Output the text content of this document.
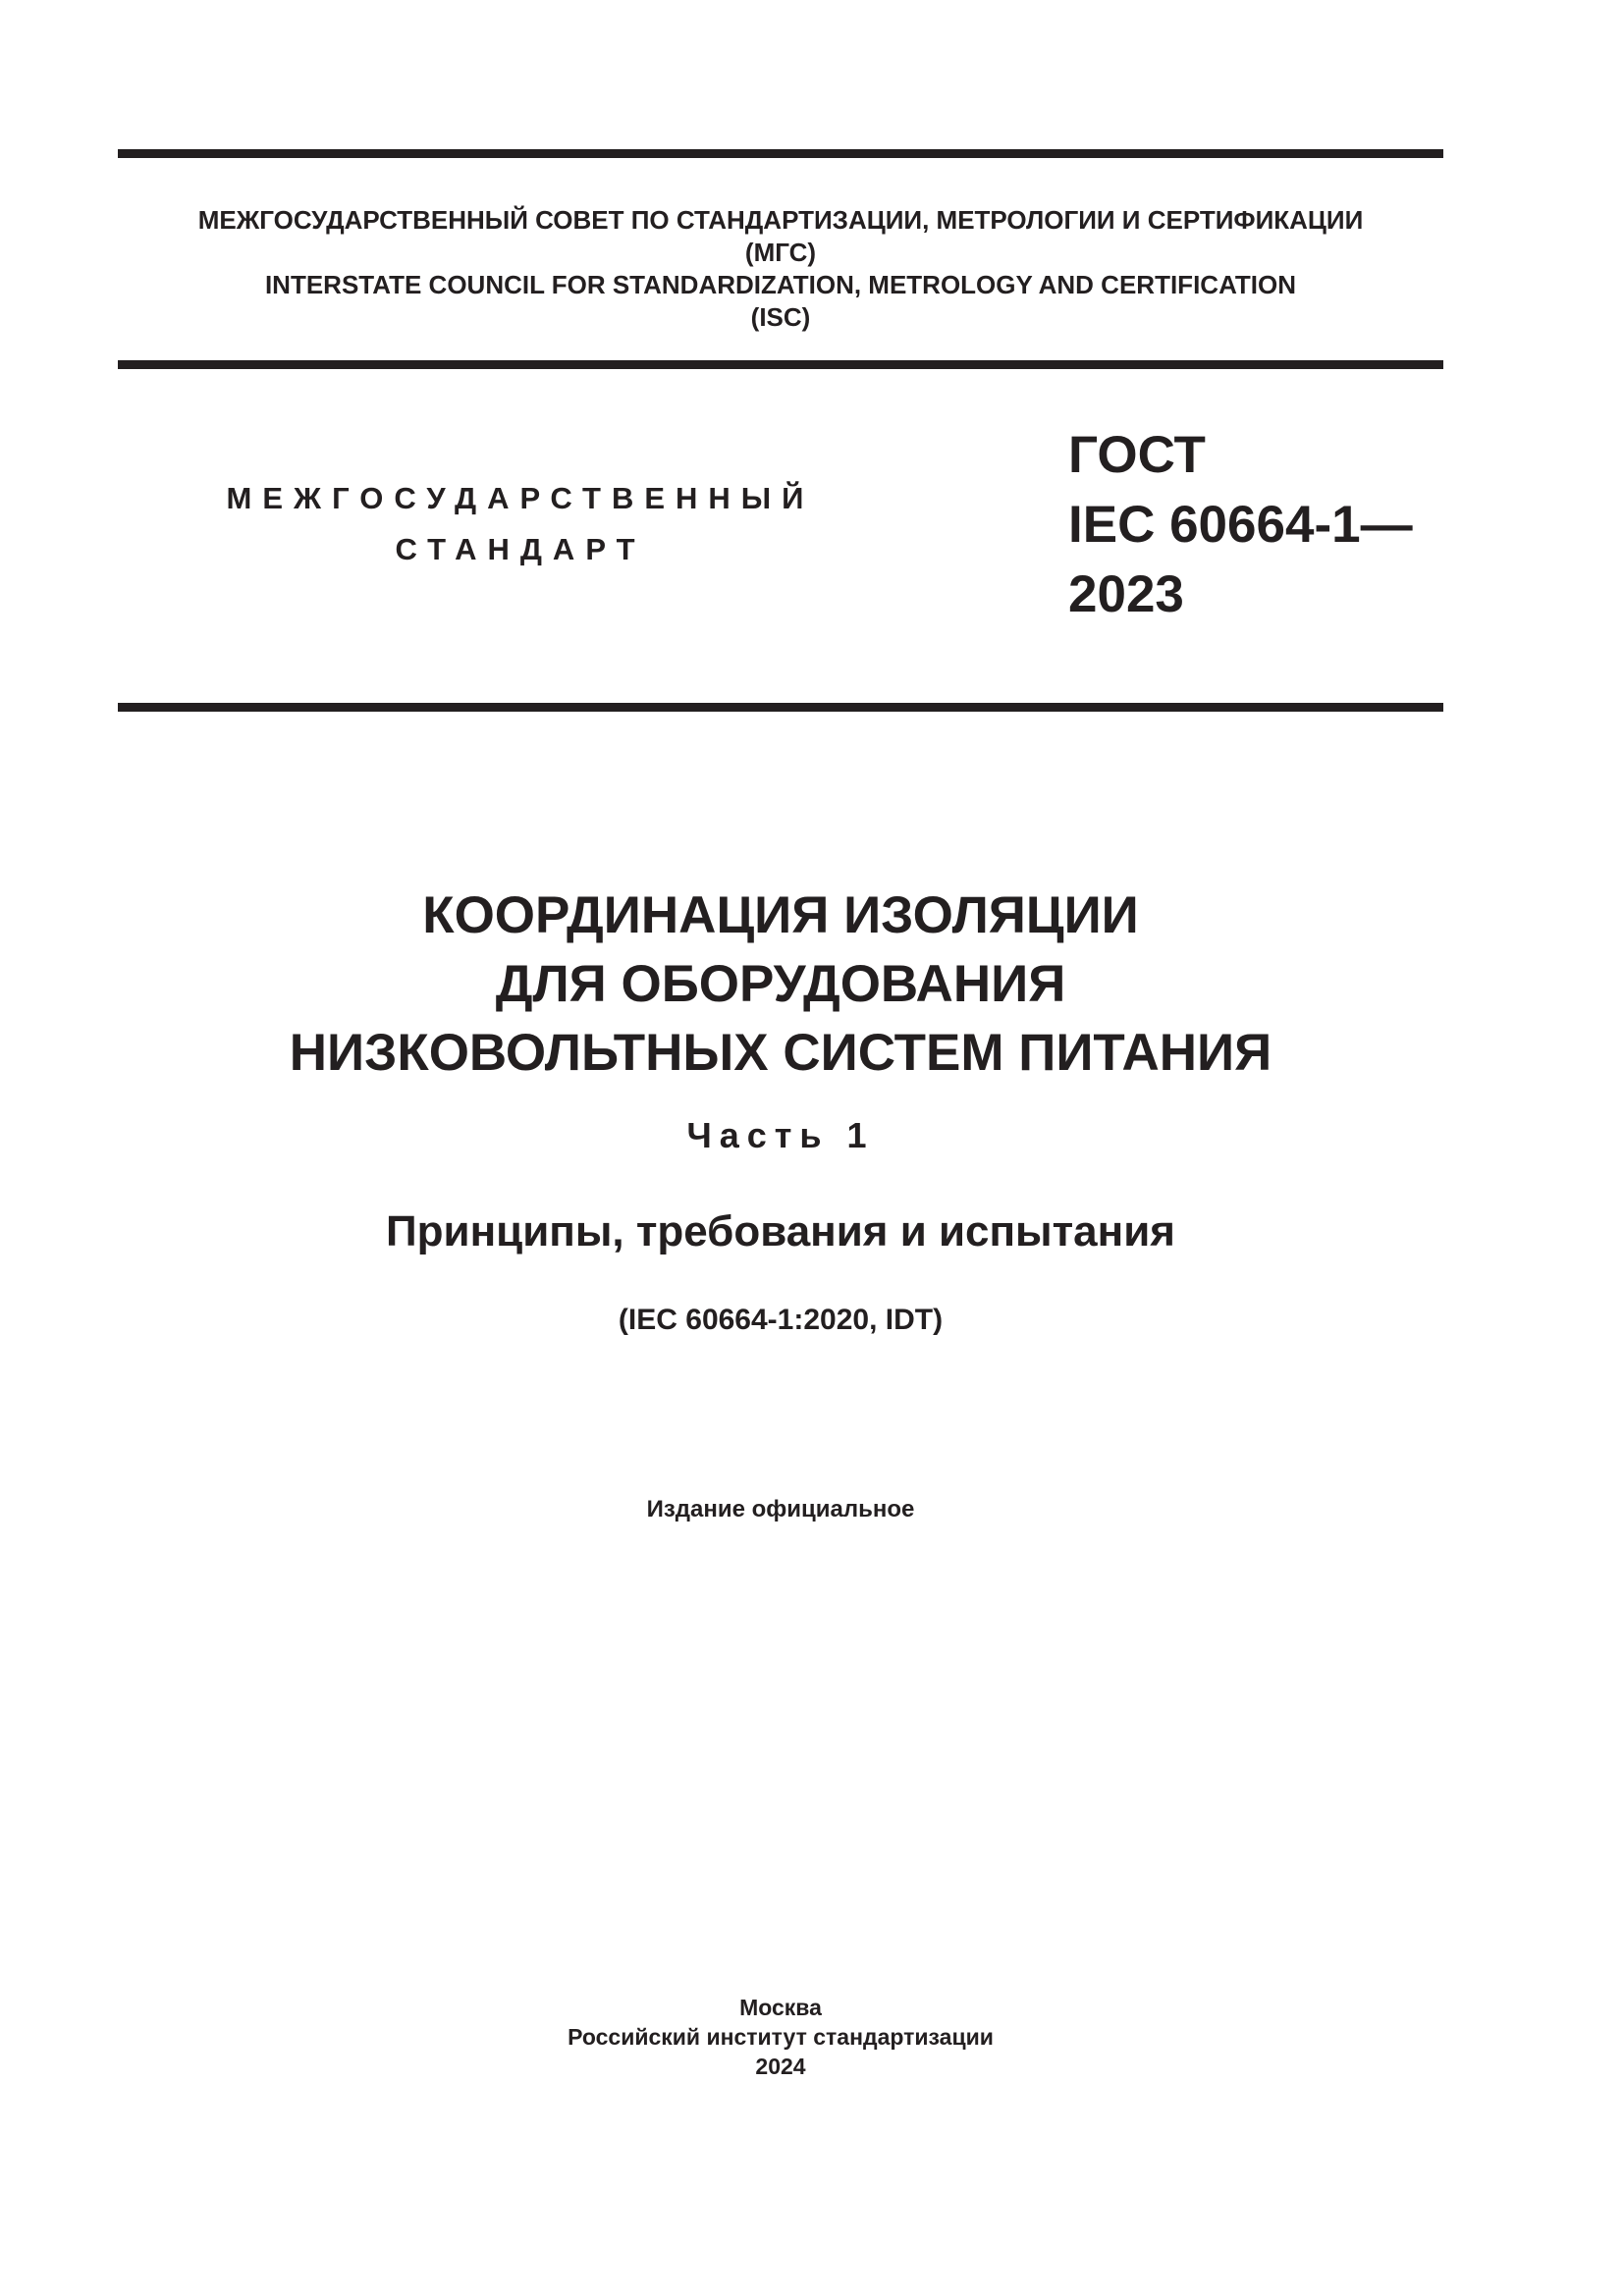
МЕЖГОСУДАРСТВЕННЫЙ СОВЕТ ПО СТАНДАРТИЗАЦИИ, МЕТРОЛОГИИ И СЕРТИФИКАЦИИ
(МГС)
INTERSTATE COUNCIL FOR STANDARDIZATION, METROLOGY AND CERTIFICATION
(ISC)
МЕЖГОСУДАРСТВЕННЫЙ
СТАНДАРТ
ГОСТ
IEC 60664-1—
2023
КООРДИНАЦИЯ ИЗОЛЯЦИИ
ДЛЯ ОБОРУДОВАНИЯ
НИЗКОВОЛЬТНЫХ СИСТЕМ ПИТАНИЯ
Часть 1
Принципы, требования и испытания
(IEC 60664-1:2020, IDT)
Издание официальное
Москва
Российский институт стандартизации
2024
